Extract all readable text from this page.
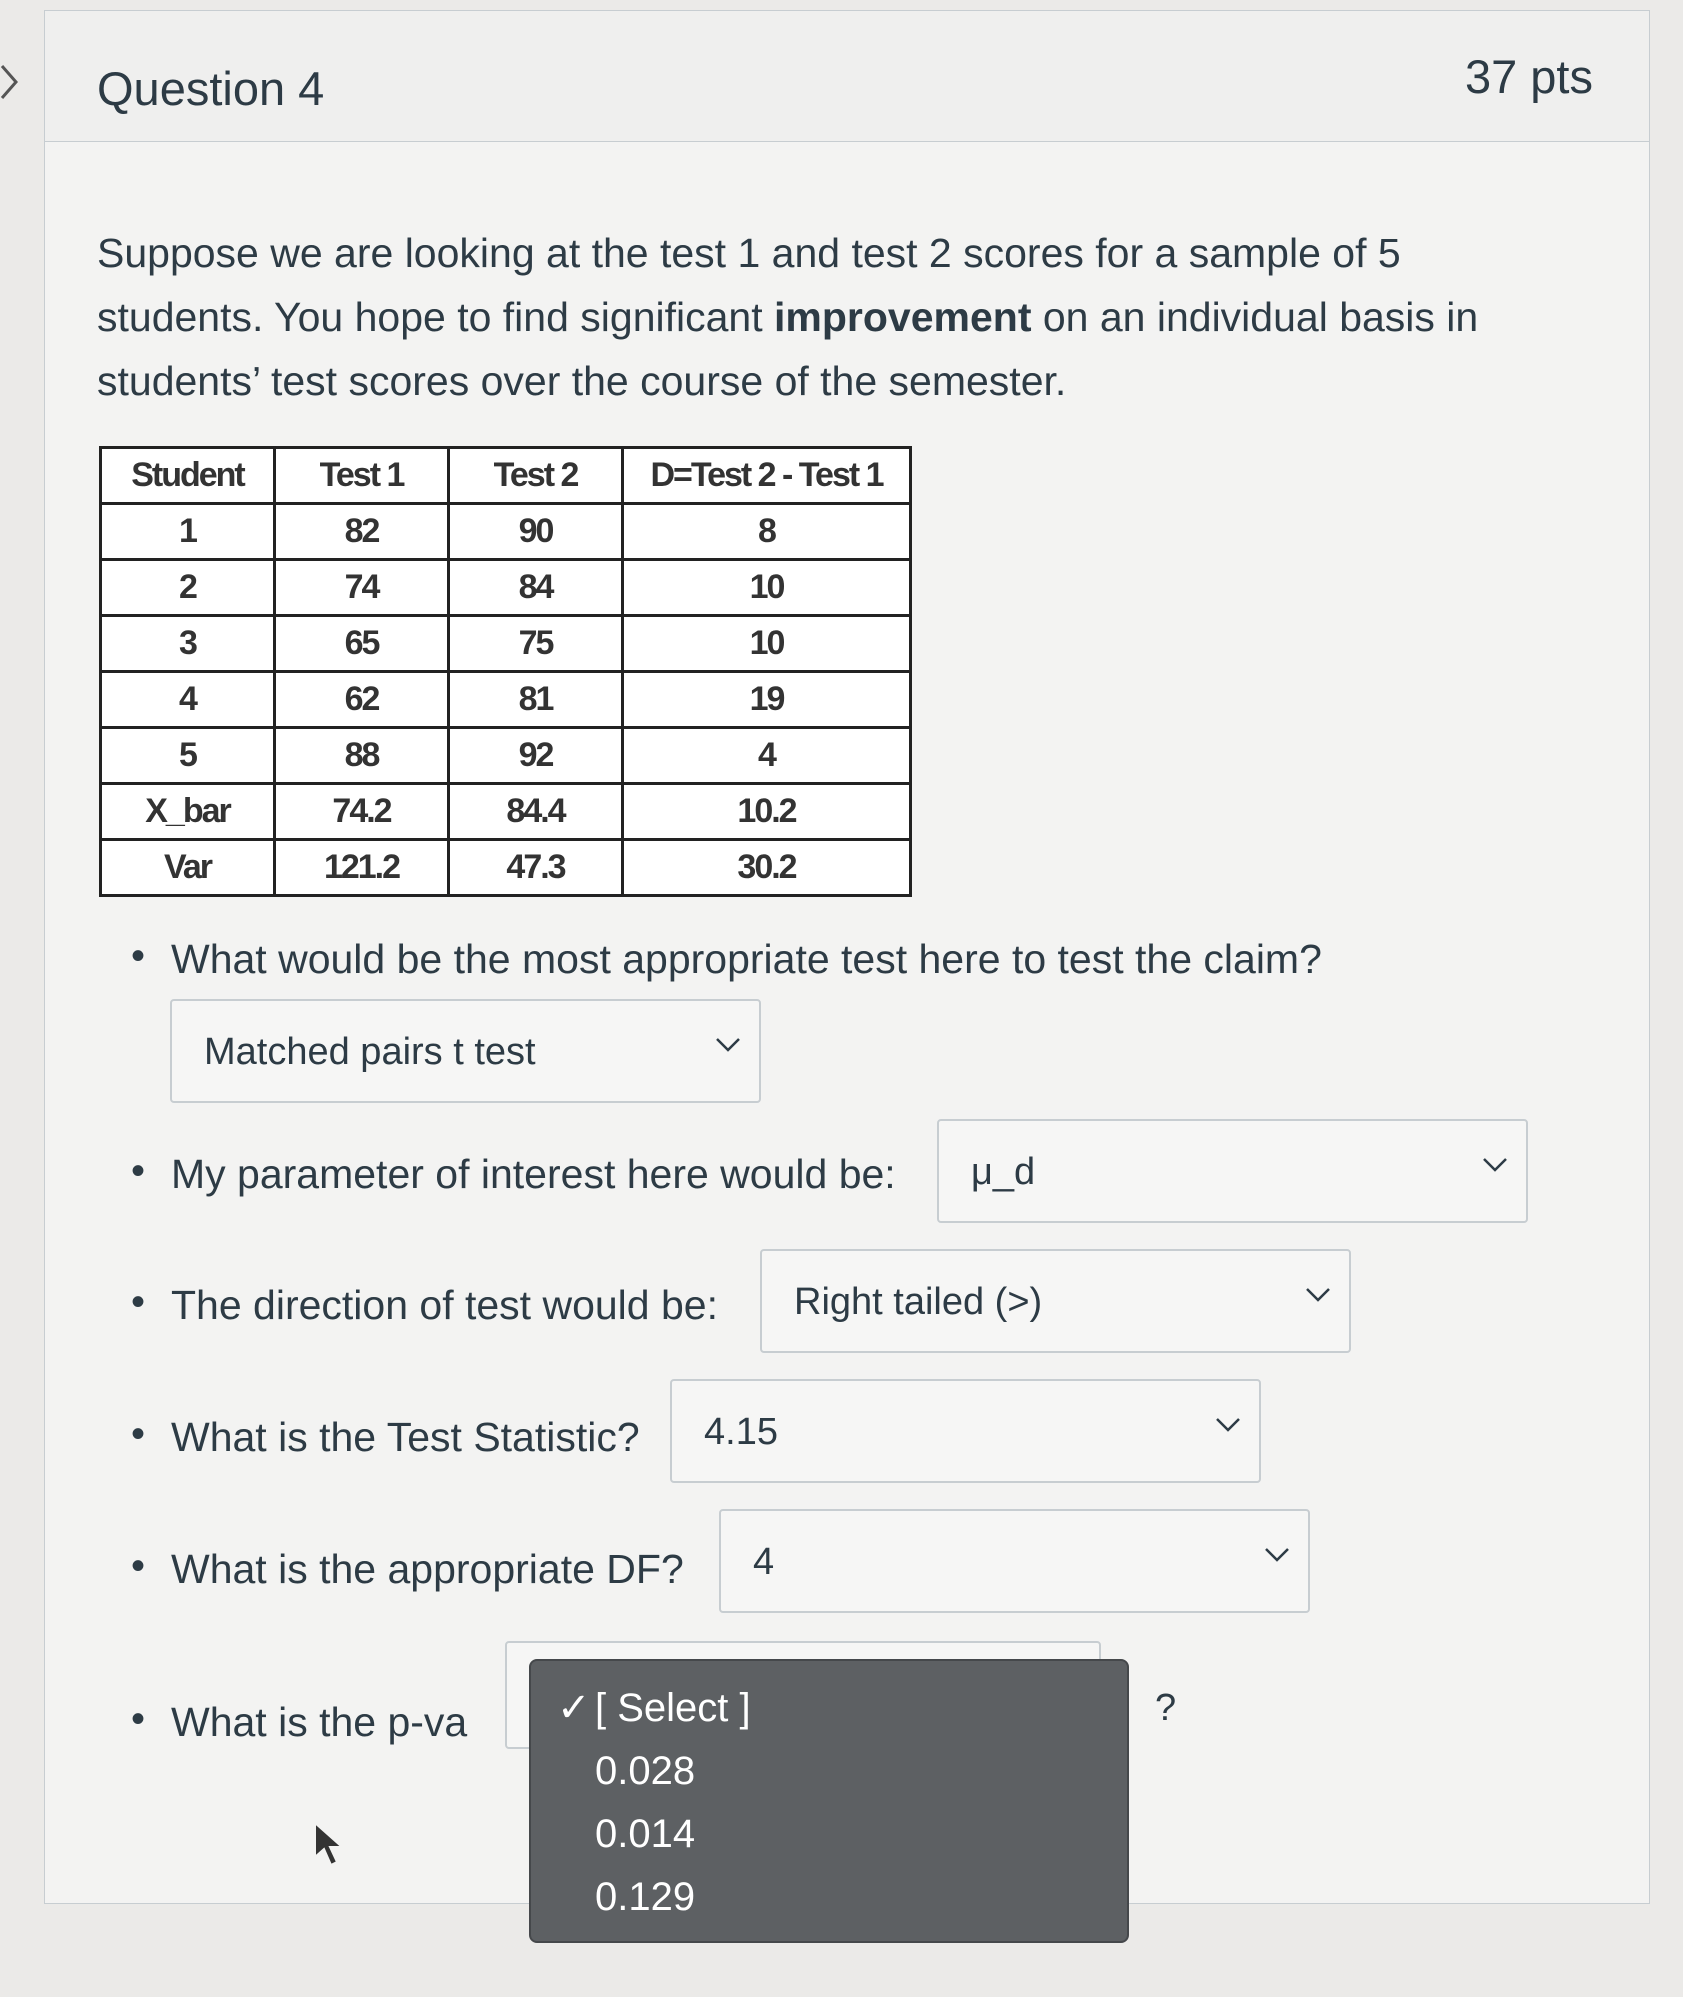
Question 4	37 pts

Suppose we are looking at the test 1 and test 2 scores for a sample of 5 students. You hope to find significant improvement on an individual basis in students’ test scores over the course of the semester.

Student	Test 1	Test 2	D=Test 2 - Test 1
1	82	90	8
2	74	84	10
3	65	75	10
4	62	81	19
5	88	92	4
X_bar	74.2	84.4	10.2
Var	121.2	47.3	30.2
• What would be the most appropriate test here to test the claim?
Matched pairs t test
• My parameter of interest here would be: μ_d
• The direction of test would be: Right tailed (>)
• What is the Test Statistic? 4.15
• What is the appropriate DF? 4
• What is the p-va	?
✓ [ Select ]
0.028
0.014
0.129
